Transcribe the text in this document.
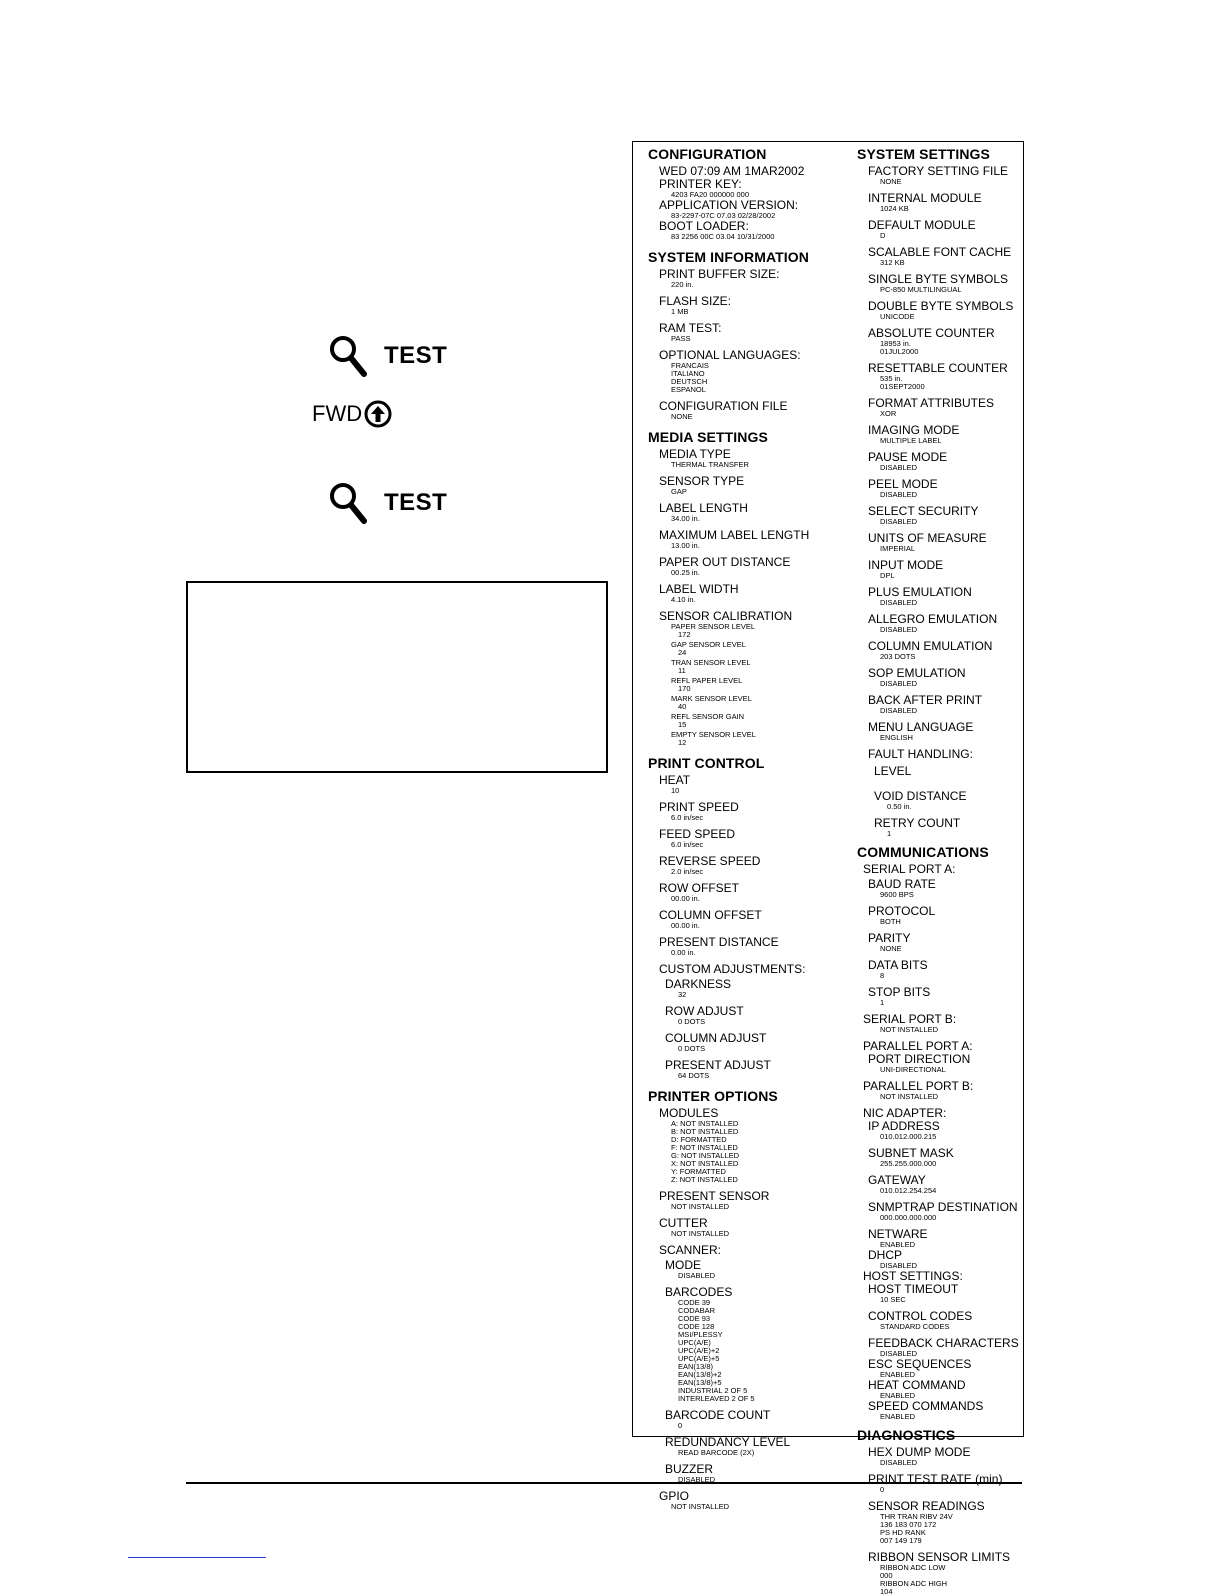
TEST
FWD
TEST
CONFIGURATION
WED 07:09 AM 1MAR2002
PRINTER KEY:
4203 FA20 000000 000
APPLICATION VERSION:
83-2297-07C 07.03 02/28/2002
BOOT LOADER:
83 2256 00C 03.04 10/31/2000
SYSTEM INFORMATION
PRINT BUFFER SIZE:
220 in.
FLASH SIZE:
1 MB
RAM TEST:
PASS
OPTIONAL LANGUAGES:
FRANCAIS
ITALIANO
DEUTSCH
ESPANOL
CONFIGURATION FILE
NONE
MEDIA SETTINGS
MEDIA TYPE
THERMAL TRANSFER
SENSOR TYPE
GAP
LABEL LENGTH
34.00 in.
MAXIMUM LABEL LENGTH
13.00 in.
PAPER OUT DISTANCE
00.25 in.
LABEL WIDTH
4.10 in.
SENSOR CALIBRATION
PAPER SENSOR LEVEL
172
GAP SENSOR LEVEL
24
TRAN SENSOR LEVEL
11
REFL PAPER LEVEL
170
MARK SENSOR LEVEL
40
REFL SENSOR GAIN
15
EMPTY SENSOR LEVEL
12
PRINT CONTROL
HEAT
10
PRINT SPEED
6.0 in/sec
FEED SPEED
6.0 in/sec
REVERSE SPEED
2.0 in/sec
ROW OFFSET
00.00 in.
COLUMN OFFSET
00.00 in.
PRESENT DISTANCE
0.00 in.
CUSTOM ADJUSTMENTS:
DARKNESS
32
ROW ADJUST
0 DOTS
COLUMN ADJUST
0 DOTS
PRESENT ADJUST
64 DOTS
PRINTER OPTIONS
MODULES
A: NOT INSTALLED
B: NOT INSTALLED
D: FORMATTED
F: NOT INSTALLED
G: NOT INSTALLED
X: NOT INSTALLED
Y: FORMATTED
Z: NOT INSTALLED
PRESENT SENSOR
NOT INSTALLED
CUTTER
NOT INSTALLED
SCANNER:
MODE
DISABLED
BARCODES
CODE 39
CODABAR
CODE 93
CODE 128
MSI/PLESSY
UPC(A/E)
UPC(A/E)+2
UPC(A/E)+5
EAN(13/8)
EAN(13/8)+2
EAN(13/8)+5
INDUSTRIAL 2 OF 5
INTERLEAVED 2 OF 5
BARCODE COUNT
0
REDUNDANCY LEVEL
READ BARCODE (2X)
BUZZER
DISABLED
GPIO
NOT INSTALLED
SYSTEM SETTINGS
FACTORY SETTING FILE
NONE
INTERNAL MODULE
1024 KB
DEFAULT MODULE
D
SCALABLE FONT CACHE
312 KB
SINGLE BYTE SYMBOLS
PC-850 MULTILINGUAL
DOUBLE BYTE SYMBOLS
UNICODE
ABSOLUTE COUNTER
18953 in.
01JUL2000
RESETTABLE COUNTER
535 in.
01SEPT2000
FORMAT ATTRIBUTES
XOR
IMAGING MODE
MULTIPLE LABEL
PAUSE MODE
DISABLED
PEEL MODE
DISABLED
SELECT SECURITY
DISABLED
UNITS OF MEASURE
IMPERIAL
INPUT MODE
DPL
PLUS EMULATION
DISABLED
ALLEGRO EMULATION
DISABLED
COLUMN EMULATION
203 DOTS
SOP EMULATION
DISABLED
BACK AFTER PRINT
DISABLED
MENU LANGUAGE
ENGLISH
FAULT HANDLING:
LEVEL
VOID DISTANCE
0.50 in.
RETRY COUNT
1
COMMUNICATIONS
SERIAL PORT A:
BAUD RATE
9600 BPS
PROTOCOL
BOTH
PARITY
NONE
DATA BITS
8
STOP BITS
1
SERIAL PORT B:
NOT INSTALLED
PARALLEL PORT A:
PORT DIRECTION
UNI-DIRECTIONAL
PARALLEL PORT B:
NOT INSTALLED
NIC ADAPTER:
IP ADDRESS
010.012.000.215
SUBNET MASK
255.255.000.000
GATEWAY
010.012.254.254
SNMPTRAP DESTINATION
000.000.000.000
NETWARE
ENABLED
DHCP
DISABLED
HOST SETTINGS:
HOST TIMEOUT
10 SEC
CONTROL CODES
STANDARD CODES
FEEDBACK CHARACTERS
DISABLED
ESC SEQUENCES
ENABLED
HEAT COMMAND
ENABLED
SPEED COMMANDS
ENABLED
DIAGNOSTICS
HEX DUMP MODE
DISABLED
PRINT TEST RATE (min)
0
SENSOR READINGS
THR TRAN RIBV 24V
136 183 070 172
PS HD RANK
007 149 179
RIBBON SENSOR LIMITS
RIBBON ADC LOW
000
RIBBON ADC HIGH
104
